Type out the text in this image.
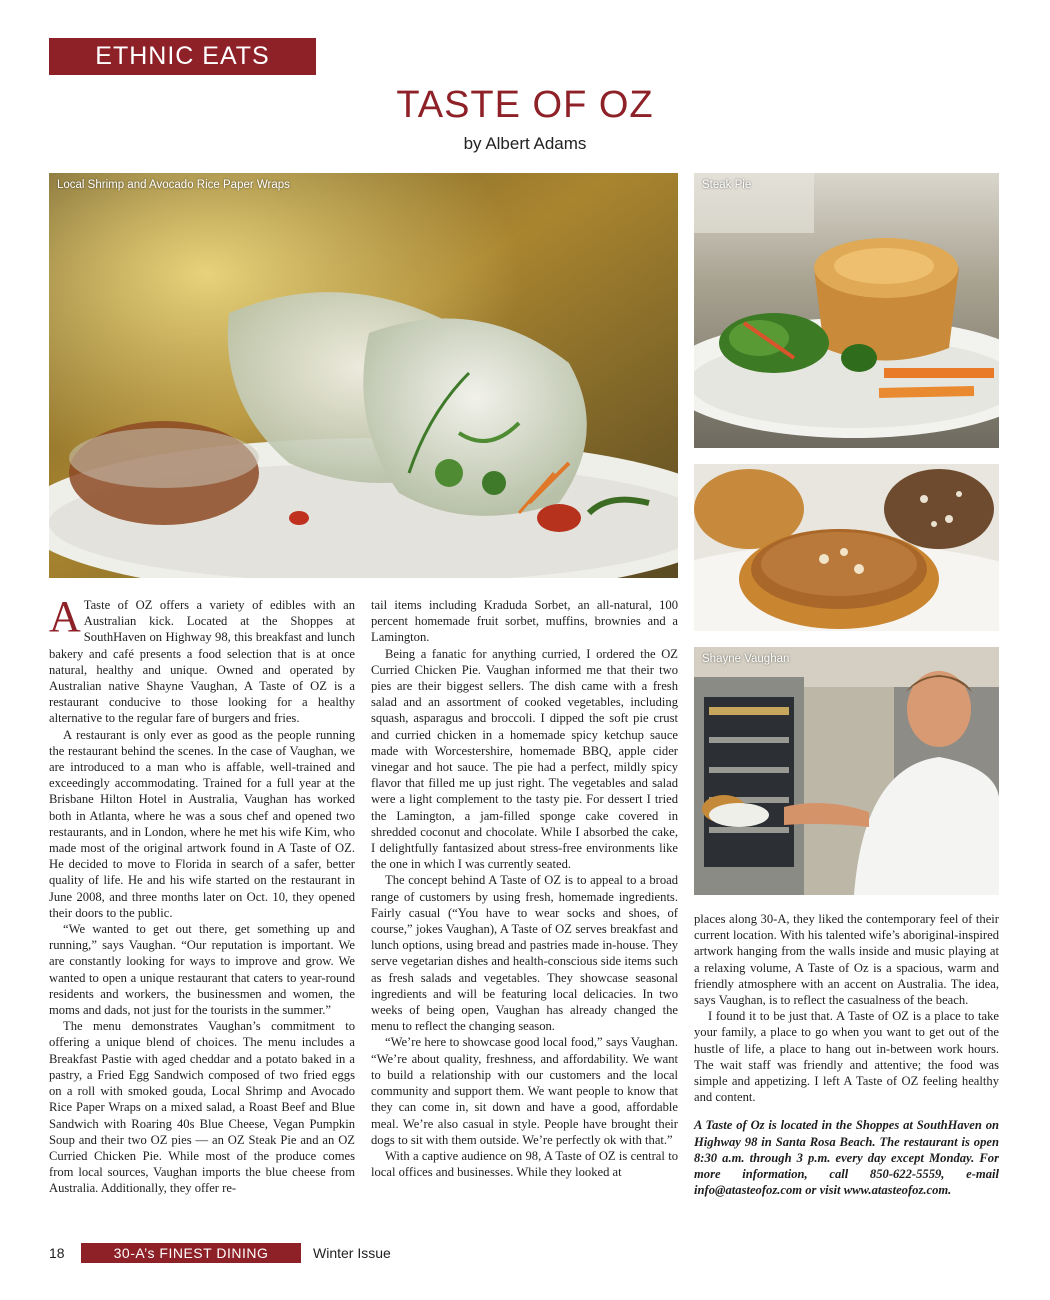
ETHNIC EATS
TASTE OF OZ
by Albert Adams
Local Shrimp and Avocado Rice Paper Wraps	Steak Pie
Shayne Vaughan

A Taste of OZ offers a variety of edibles with an Australian kick. Located at the Shoppes at SouthHaven on Highway 98, this breakfast and lunch bakery and café presents a food selection that is at once natural, healthy and unique. Owned and operated by Australian native Shayne Vaughan, A Taste of OZ is a restaurant conducive to those looking for a healthy alternative to the regular fare of burgers and fries.

A restaurant is only ever as good as the people running the restaurant behind the scenes. In the case of Vaughan, we are introduced to a man who is affable, well-trained and exceedingly accommodating. Trained for a full year at the Brisbane Hilton Hotel in Australia, Vaughan has worked both in Atlanta, where he was a sous chef and opened two restaurants, and in London, where he met his wife Kim, who made most of the original artwork found in A Taste of OZ. He decided to move to Florida in search of a safer, better quality of life. He and his wife started on the restaurant in June 2008, and three months later on Oct. 10, they opened their doors to the public.

“We wanted to get out there, get something up and running,” says Vaughan. “Our reputation is important. We are constantly looking for ways to improve and grow. We wanted to open a unique restaurant that caters to year-round residents and workers, the businessmen and women, the moms and dads, not just for the tourists in the summer.”

The menu demonstrates Vaughan’s commitment to offering a unique blend of choices. The menu includes a Breakfast Pastie with aged cheddar and a potato baked in a pastry, a Fried Egg Sandwich composed of two fried eggs on a roll with smoked gouda, Local Shrimp and Avocado Rice Paper Wraps on a mixed salad, a Roast Beef and Blue Sandwich with Roaring 40s Blue Cheese, Vegan Pumpkin Soup and their two OZ pies — an OZ Steak Pie and an OZ Curried Chicken Pie. While most of the produce comes from local sources, Vaughan imports the blue cheese from Australia. Additionally, they offer re-

tail items including Kraduda Sorbet, an all-natural, 100 percent homemade fruit sorbet, muffins, brownies and a Lamington.

Being a fanatic for anything curried, I ordered the OZ Curried Chicken Pie. Vaughan informed me that their two pies are their biggest sellers. The dish came with a fresh salad and an assortment of cooked vegetables, including squash, asparagus and broccoli. I dipped the soft pie crust and curried chicken in a homemade spicy ketchup sauce made with Worcestershire, homemade BBQ, apple cider vinegar and hot sauce. The pie had a perfect, mildly spicy flavor that filled me up just right. The vegetables and salad were a light complement to the tasty pie. For dessert I tried the Lamington, a jam-filled sponge cake covered in shredded coconut and chocolate. While I absorbed the cake, I delightfully fantasized about stress-free environments like the one in which I was currently seated.

The concept behind A Taste of OZ is to appeal to a broad range of customers by using fresh, homemade ingredients. Fairly casual (“You have to wear socks and shoes, of course,” jokes Vaughan), A Taste of OZ serves breakfast and lunch options, using bread and pastries made in-house. They serve vegetarian dishes and health-conscious side items such as fresh salads and vegetables. They showcase seasonal ingredients and will be featuring local delicacies. In two weeks of being open, Vaughan has already changed the menu to reflect the changing season.

“We’re here to showcase good local food,” says Vaughan. “We’re about quality, freshness, and affordability. We want to build a relationship with our customers and the local community and support them. We want people to know that they can come in, sit down and have a good, affordable meal. We’re also casual in style. People have brought their dogs to sit with them outside. We’re perfectly ok with that.”

With a captive audience on 98, A Taste of OZ is central to local offices and businesses. While they looked at

places along 30-A, they liked the contemporary feel of their current location. With his talented wife’s aboriginal-inspired artwork hanging from the walls inside and music playing at a relaxing volume, A Taste of Oz is a spacious, warm and friendly atmosphere with an accent on Australia. The idea, says Vaughan, is to reflect the casualness of the beach.

I found it to be just that. A Taste of OZ is a place to take your family, a place to go when you want to get out of the hustle of life, a place to hang out in-between work hours. The wait staff was friendly and attentive; the food was simple and appetizing. I left A Taste of OZ feeling healthy and content.

A Taste of Oz is located in the Shoppes at SouthHaven on Highway 98 in Santa Rosa Beach. The restaurant is open 8:30 a.m. through 3 p.m. every day except Monday. For more information, call 850-622-5559, e-mail info@atasteofoz.com or visit www.atasteofoz.com.
18	30-A’s FINEST DINING	Winter Issue
